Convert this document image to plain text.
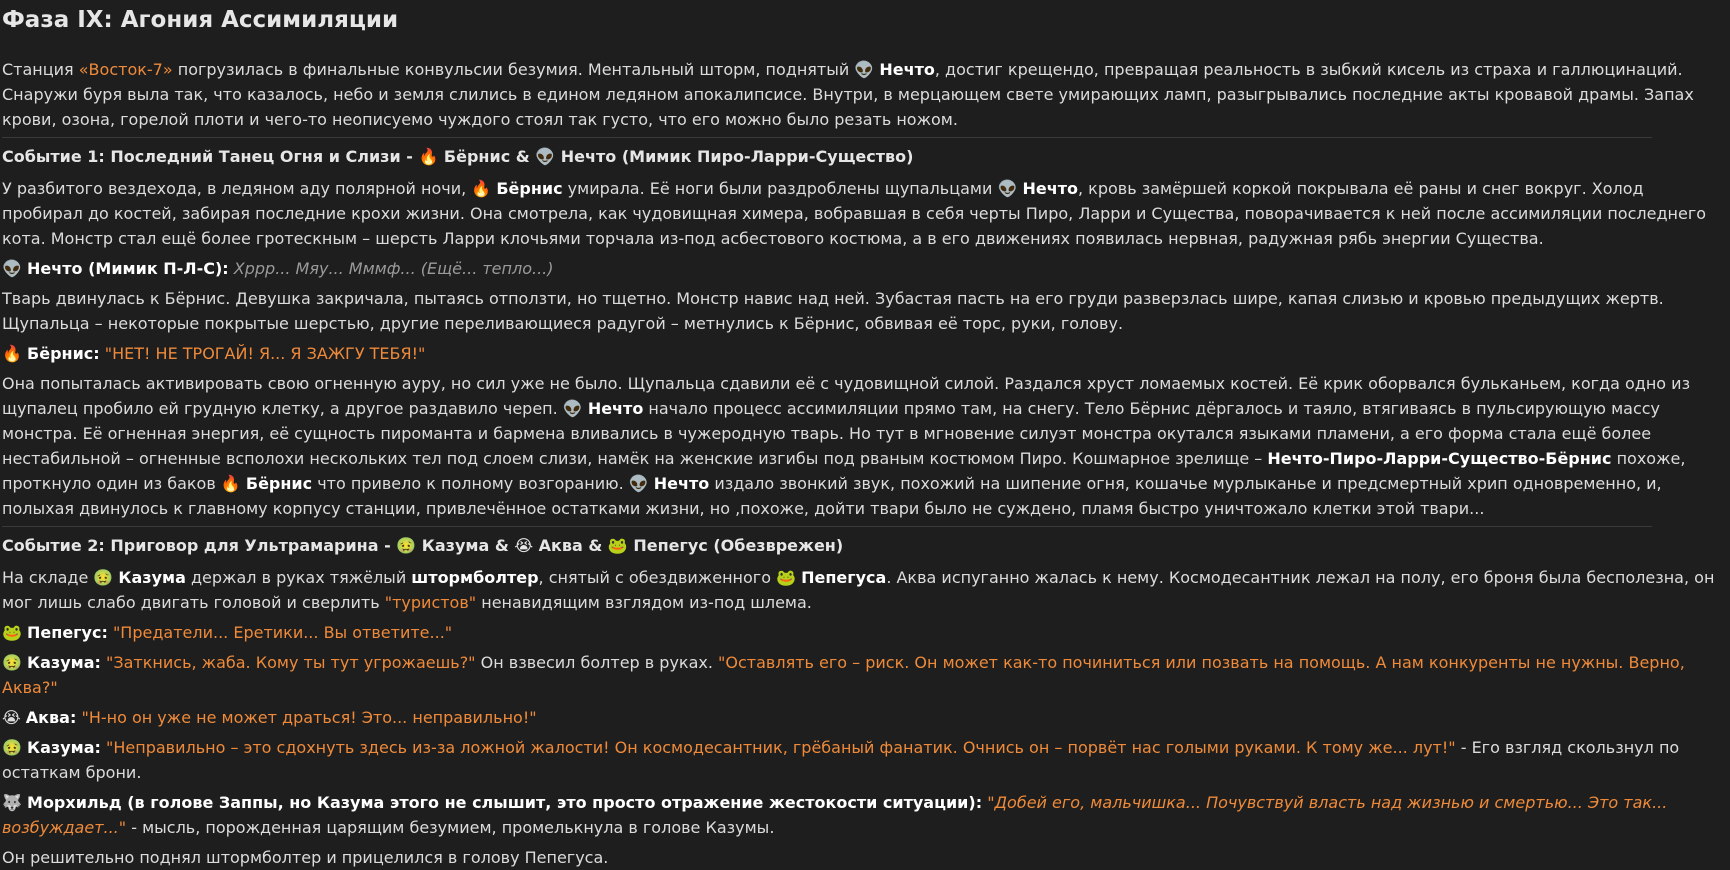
Фаза IX: Агония Ассимиляции

Станция «Восток-7» погрузилась в финальные конвульсии безумия. Ментальный шторм, поднятый 👽 Нечто, достиг крещендо, превращая реальность в зыбкий кисель из страха и галлюцинаций. Снаружи буря выла так, что казалось, небо и земля слились в едином ледяном апокалипсисе. Внутри, в мерцающем свете умирающих ламп, разыгрывались последние акты кровавой драмы. Запах крови, озона, горелой плоти и чего-то неописуемо чуждого стоял так густо, что его можно было резать ножом.

Событие 1: Последний Танец Огня и Слизи - 🔥 Бёрнис & 👽 Нечто (Мимик Пиро-Ларри-Существо)

У разбитого вездехода, в ледяном аду полярной ночи, 🔥 Бёрнис умирала. Её ноги были раздроблены щупальцами 👽 Нечто, кровь замёршей коркой покрывала её раны и снег вокруг. Холод пробирал до костей, забирая последние крохи жизни. Она смотрела, как чудовищная химера, вобравшая в себя черты Пиро, Ларри и Существа, поворачивается к ней после ассимиляции последнего кота. Монстр стал ещё более гротескным – шерсть Ларри клочьями торчала из-под асбестового костюма, а в его движениях появилась нервная, радужная рябь энергии Существа.

👽 Нечто (Мимик П-Л-С): Хррр... Мяу... Мммф... (Ещё... тепло...)

Тварь двинулась к Бёрнис. Девушка закричала, пытаясь отползти, но тщетно. Монстр навис над ней. Зубастая пасть на его груди разверзлась шире, капая слизью и кровью предыдущих жертв. Щупальца – некоторые покрытые шерстью, другие переливающиеся радугой – метнулись к Бёрнис, обвивая её торс, руки, голову.

🔥 Бёрнис: "НЕТ! НЕ ТРОГАЙ! Я... Я ЗАЖГУ ТЕБЯ!"

Она попыталась активировать свою огненную ауру, но сил уже не было. Щупальца сдавили её с чудовищной силой. Раздался хруст ломаемых костей. Её крик оборвался бульканьем, когда одно из щупалец пробило ей грудную клетку, а другое раздавило череп. 👽 Нечто начало процесс ассимиляции прямо там, на снегу. Тело Бёрнис дёргалось и таяло, втягиваясь в пульсирующую массу монстра. Её огненная энергия, её сущность пироманта и бармена вливались в чужеродную тварь. Но тут в мгновение силуэт монстра окутался языками пламени, а его форма стала ещё более нестабильной – огненные всполохи нескольких тел под слоем слизи, намёк на женские изгибы под рваным костюмом Пиро. Кошмарное зрелище – Нечто-Пиро-Ларри-Существо-Бёрнис похоже, проткнуло один из баков 🔥 Бёрнис что привело к полному возгоранию. 👽 Нечто издало звонкий звук, похожий на шипение огня, кошачье мурлыканье и предсмертный хрип одновременно, и, полыхая двинулось к главному корпусу станции, привлечённое остатками жизни, но ,похоже, дойти твари было не суждено, пламя быстро уничтожало клетки этой твари...

Событие 2: Приговор для Ультрамарина - 🤢 Казума & 😭 Аква & 🐸 Пепегус (Обезврежен)

На складе 🤢 Казума держал в руках тяжёлый штормболтер, снятый с обездвиженного 🐸 Пепегуса. Аква испуганно жалась к нему. Космодесантник лежал на полу, его броня была бесполезна, он мог лишь слабо двигать головой и сверлить "туристов" ненавидящим взглядом из-под шлема.

🐸 Пепегус: "Предатели... Еретики... Вы ответите..."

🤢 Казума: "Заткнись, жаба. Кому ты тут угрожаешь?" Он взвесил болтер в руках. "Оставлять его – риск. Он может как-то починиться или позвать на помощь. А нам конкуренты не нужны. Верно, Аква?"

😭 Аква: "Н-но он уже не может драться! Это... неправильно!"

🤢 Казума: "Неправильно – это сдохнуть здесь из-за ложной жалости! Он космодесантник, грёбаный фанатик. Очнись он – порвёт нас голыми руками. К тому же... лут!" - Его взгляд скользнул по остаткам брони.

🐺 Морхильд (в голове Заппы, но Казума этого не слышит, это просто отражение жестокости ситуации): "Добей его, мальчишка... Почувствуй власть над жизнью и смертью... Это так... возбуждает..." - мысль, порожденная царящим безумием, промелькнула в голове Казумы.

Он решительно поднял штормболтер и прицелился в голову Пепегуса.
